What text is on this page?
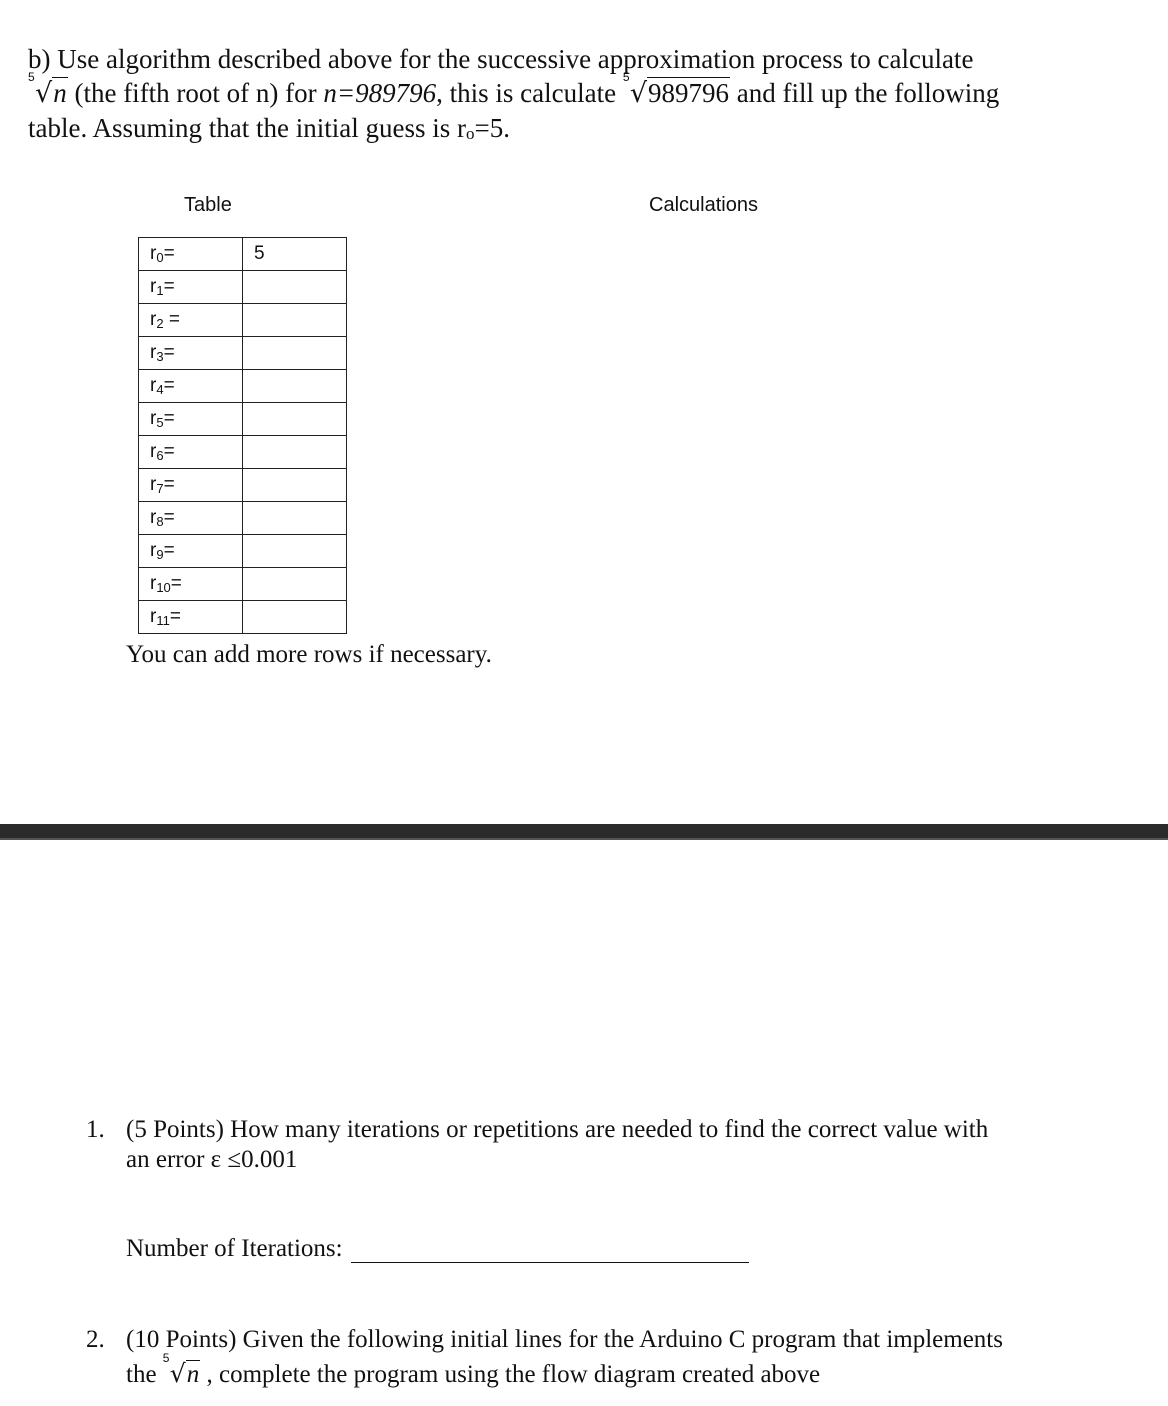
b) Use algorithm described above for the successive approximation process to calculate

5
√n (the fifth root of n) for n=989796, this is calculate
5
√989796 and fill up the following

table. Assuming that the initial guess is ro=5.

Table	Calculations
$r_0=$	5
$r_1=$	
$r_2$ =	
$r_3=$	
$r_4=$	
$r_5=$	
$r_6=$	
$r_7=$	
$r_8=$	
$r_9=$	
$r_{10}=$	
$r_{11}=$	
You can add more rows if necessary.
1. (5 Points) How many iterations or repetitions are needed to find the correct value with
an error ε ≤0.001
Number of Iterations:
2. (10 Points) Given the following initial lines for the Arduino C program that implements
the
5
√n , complete the program using the flow diagram created above
